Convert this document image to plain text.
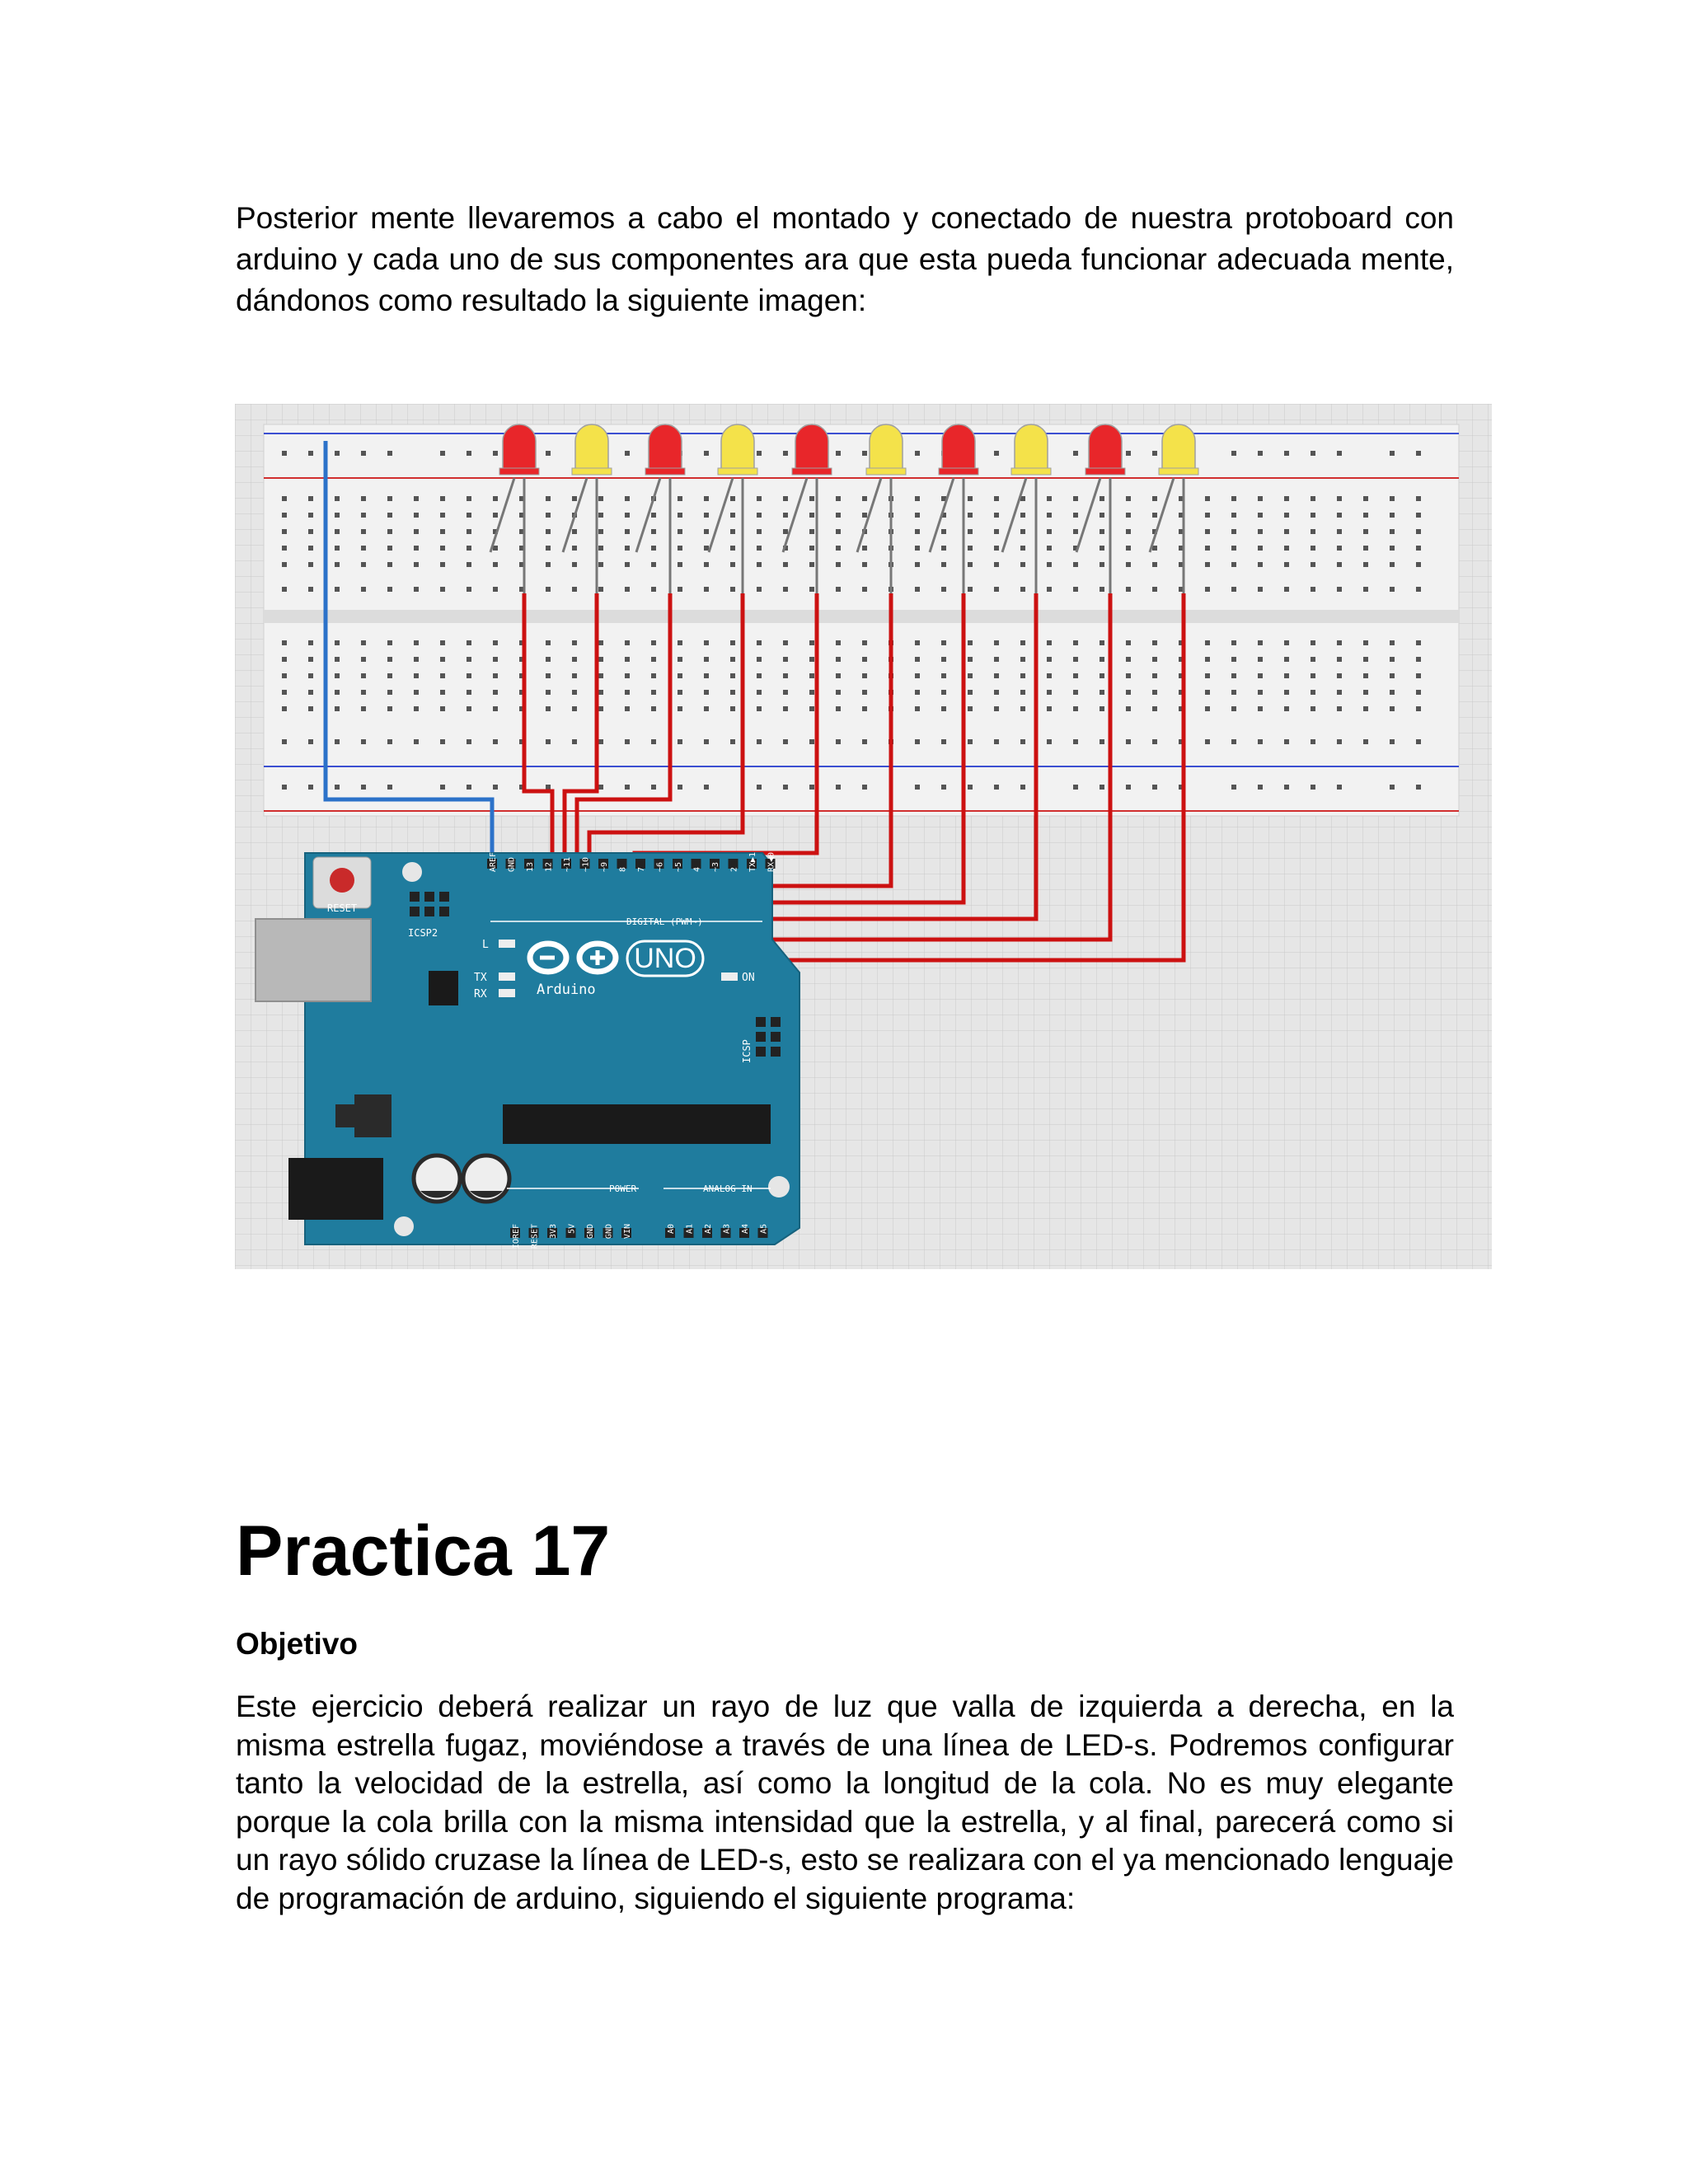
Posterior mente llevaremos a cabo el montado y conectado de nuestra protoboard con arduino y cada uno de sus componentes ara que esta pueda funcionar adecuada mente, dándonos como resultado la siguiente imagen:

RESET
ICSP2
ICSP
L
TX
RX
ON
UNO
Arduino
AREF GND 13 12 ~11 ~10 ~9 8 7 ~6 ~5 4 ~3 2 TX▶1 RX◀0
DIGITAL (PWM~)
IOREF RESET 3V3 5V GND GND VIN
POWER
A0 A1 A2 A3 A4 A5
ANALOG IN
Practica 17
Objetivo

Este ejercicio deberá realizar un rayo de luz que valla de izquierda a derecha, en la misma estrella fugaz, moviéndose a través de una línea de LED-s. Podremos configurar tanto la velocidad de la estrella, así como la longitud de la cola. No es muy elegante porque la cola brilla con la misma intensidad que la estrella, y al final, parecerá como si un rayo sólido cruzase la línea de LED-s, esto se realizara con el ya mencionado lenguaje de programación de arduino, siguiendo el siguiente programa:
